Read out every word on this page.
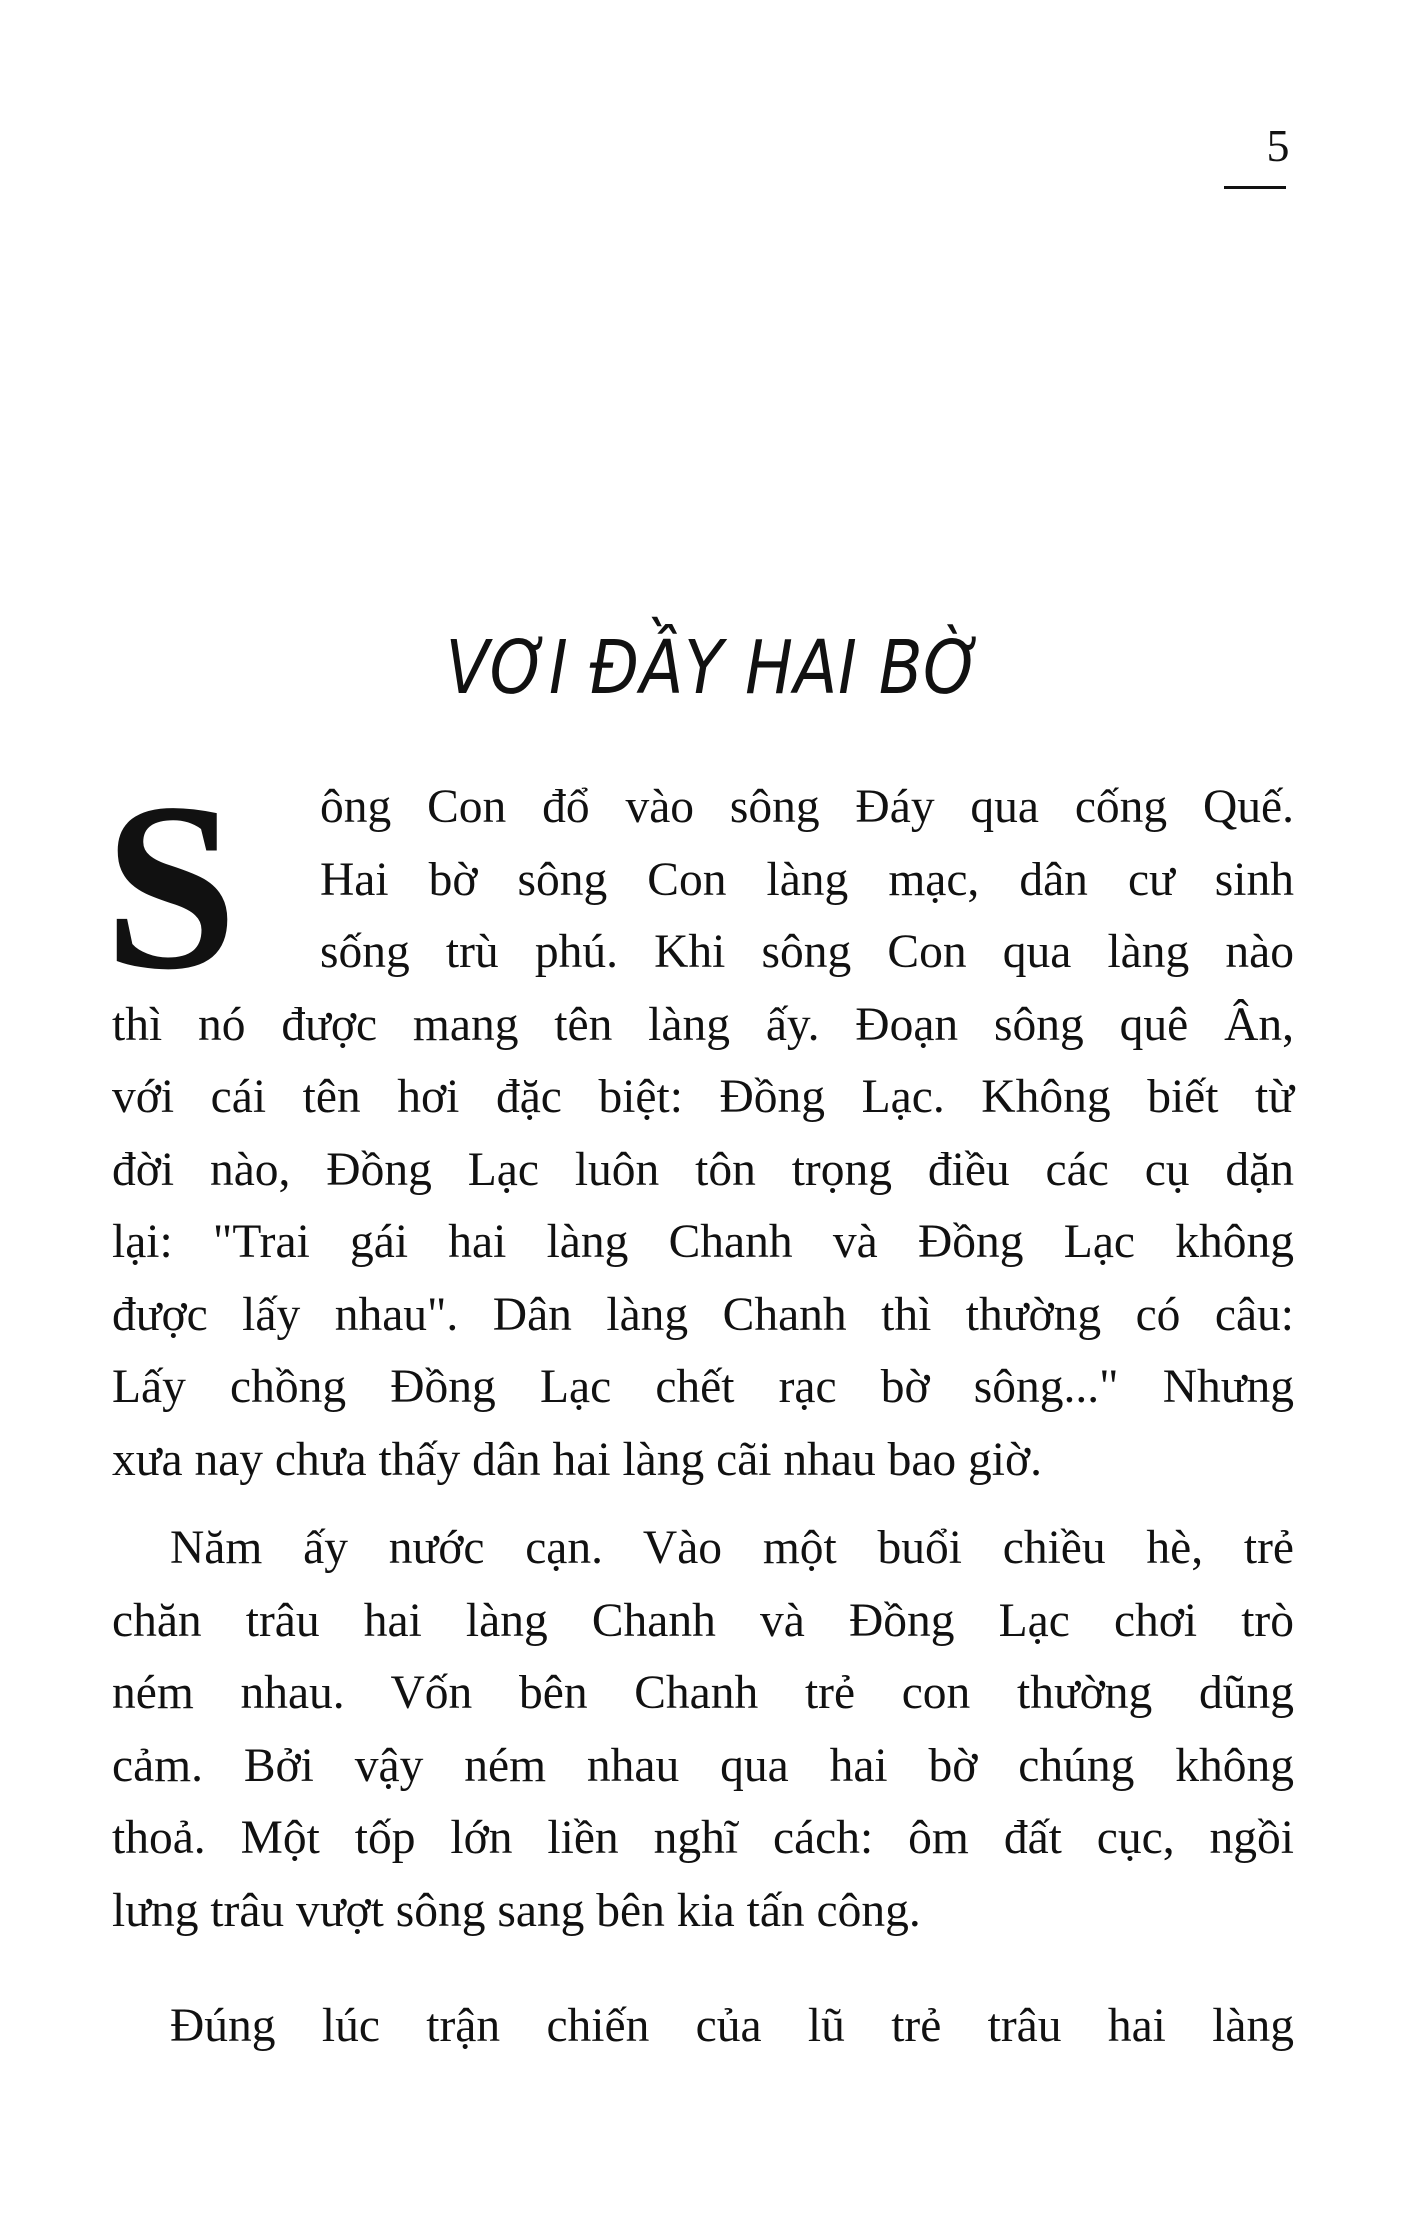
5
VƠI ĐẦY HAI BỜ
S ông Con đổ vào sông Đáy qua cống Quế.
Hai bờ sông Con làng mạc, dân cư sinh
sống trù phú. Khi sông Con qua làng nào
thì nó được mang tên làng ấy. Đoạn sông quê Ân,
với cái tên hơi đặc biệt: Đồng Lạc. Không biết từ
đời nào, Đồng Lạc luôn tôn trọng điều các cụ dặn
lại: "Trai gái hai làng Chanh và Đồng Lạc không
được lấy nhau". Dân làng Chanh thì thường có câu:
Lấy chồng Đồng Lạc chết rạc bờ sông..." Nhưng
xưa nay chưa thấy dân hai làng cãi nhau bao giờ.
Năm ấy nước cạn. Vào một buổi chiều hè, trẻ
chăn trâu hai làng Chanh và Đồng Lạc chơi trò
ném nhau. Vốn bên Chanh trẻ con thường dũng
cảm. Bởi vậy ném nhau qua hai bờ chúng không
thoả. Một tốp lớn liền nghĩ cách: ôm đất cục, ngồi
lưng trâu vượt sông sang bên kia tấn công.
Đúng lúc trận chiến của lũ trẻ trâu hai làng
